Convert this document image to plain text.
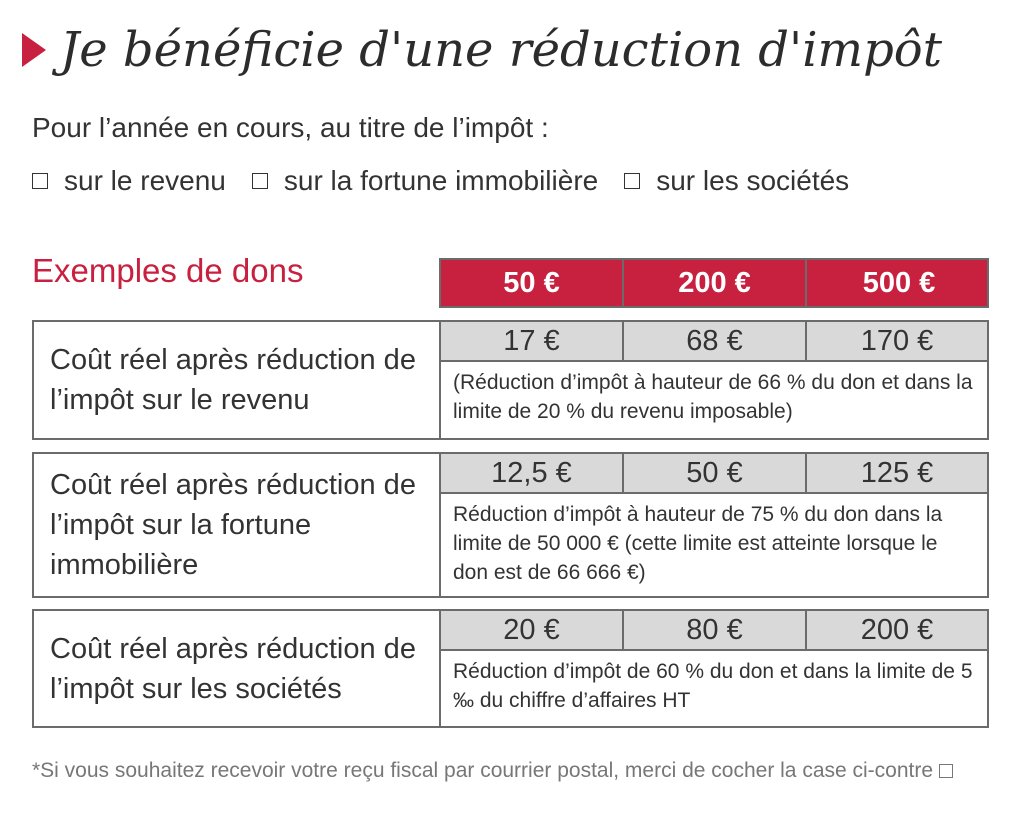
Je bénéficie d'une réduction d'impôt
Pour l’année en cours, au titre de l’impôt :
sur le revenu sur la fortune immobilière sur les sociétés
Exemples de dons	50 €	200 €	500 €
Coût réel après réduction de l’impôt sur le revenu
17 €	68 €	170 €
(Réduction d’impôt à hauteur de 66 % du don et dans la limite de 20 % du revenu imposable)
Coût réel après réduction de l’impôt sur la fortune immobilière
12,5 €	50 €	125 €
Réduction d’impôt à hauteur de 75 % du don dans la limite de 50 000 € (cette limite est atteinte lorsque le don est de 66 666 €)
Coût réel après réduction de l’impôt sur les sociétés
20 €	80 €	200 €
Réduction d’impôt de 60 % du don et dans la limite de 5 ‰ du chiffre d’affaires HT
*Si vous souhaitez recevoir votre reçu fiscal par courrier postal, merci de cocher la case ci-contre
